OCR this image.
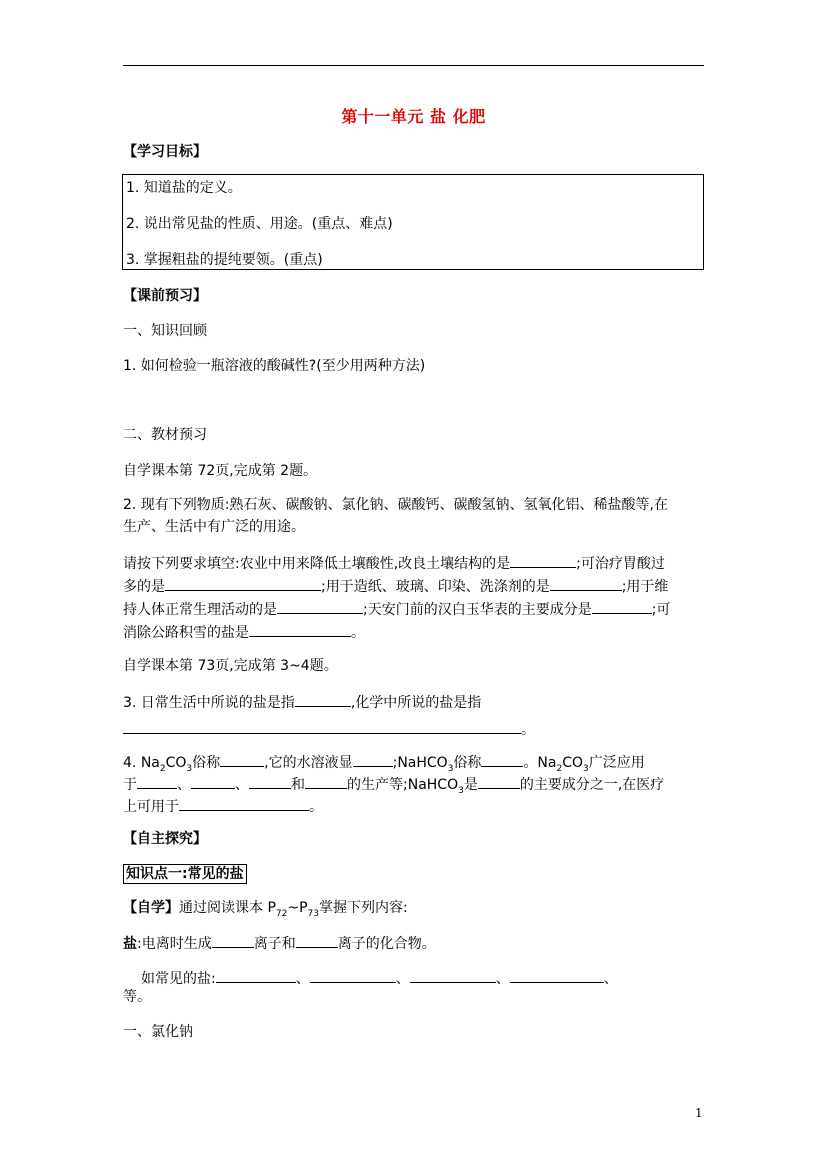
第十一单元 盐 化肥
【学习目标】
1. 知道盐的定义。
2. 说出常见盐的性质、用途。(重点、难点)
3. 掌握粗盐的提纯要领。(重点)
【课前预习】
一、知识回顾
1. 如何检验一瓶溶液的酸碱性?(至少用两种方法)
二、教材预习
自学课本第 72页,完成第 2题。
2. 现有下列物质:熟石灰、碳酸钠、氯化钠、碳酸钙、碳酸氢钠、氢氧化铝、稀盐酸等,在
生产、生活中有广泛的用途。
请按下列要求填空:农业中用来降低土壤酸性,改良土壤结构的是	;可治疗胃酸过
多的是	;用于造纸、玻璃、印染、洗涤剂的是	;用于维
持人体正常生理活动的是	;天安门前的汉白玉华表的主要成分是	;可
消除公路积雪的盐是	。
自学课本第 73页,完成第 3~4题。
3. 日常生活中所说的盐是指	,化学中所说的盐是指
。
4. $Na_2CO_3$俗称	,它的水溶液显	;NaHCO$_3$俗称	。$Na_2CO_3$广泛应用
于	、	、	和	的生产等;NaHCO$_3$是	的主要成分之一,在医疗
上可用于	。
【自主探究】
知识点一:常见的盐
【自学】通过阅读课本 $P_{72}\sim P_{73}$掌握下列内容:
盐:电离时生成	离子和	离子的化合物。
如常见的盐:	、	、	、	、
等。
一、氯化钠
1
